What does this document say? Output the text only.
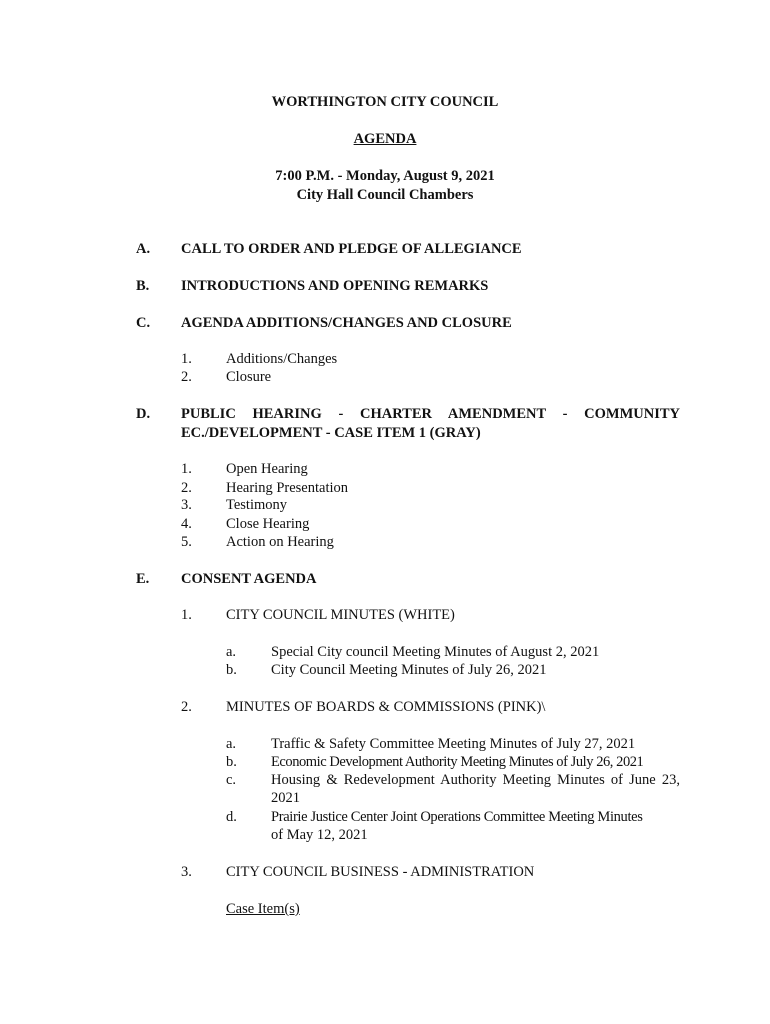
WORTHINGTON CITY COUNCIL
AGENDA
7:00 P.M. - Monday, August 9, 2021
City Hall Council Chambers
A. CALL TO ORDER AND PLEDGE OF ALLEGIANCE
B. INTRODUCTIONS AND OPENING REMARKS
C. AGENDA ADDITIONS/CHANGES AND CLOSURE
1. Additions/Changes
2. Closure
D. PUBLIC HEARING - CHARTER AMENDMENT - COMMUNITY
EC./DEVELOPMENT - CASE ITEM 1 (GRAY)
1. Open Hearing
2. Hearing Presentation
3. Testimony
4. Close Hearing
5. Action on Hearing
E. CONSENT AGENDA
1. CITY COUNCIL MINUTES (WHITE)
a. Special City council Meeting Minutes of August 2, 2021
b. City Council Meeting Minutes of July 26, 2021
2. MINUTES OF BOARDS & COMMISSIONS (PINK)\
a. Traffic & Safety Committee Meeting Minutes of July 27, 2021
b. Economic Development Authority Meeting Minutes of July 26, 2021
c. Housing & Redevelopment Authority Meeting Minutes of June 23,
2021
d. Prairie Justice Center Joint Operations Committee Meeting Minutes
of May 12, 2021
3. CITY COUNCIL BUSINESS - ADMINISTRATION
Case Item(s)
